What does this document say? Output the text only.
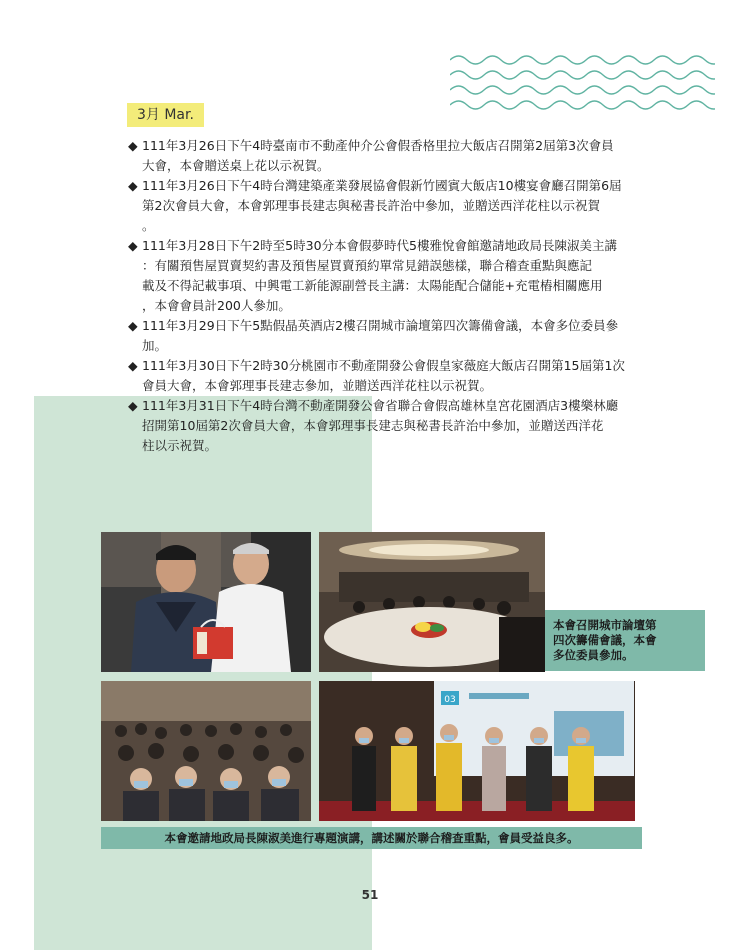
3月 Mar.
◆ 111年3月26日下午4時臺南市不動產仲介公會假香格里拉大飯店召開第2屆第3次會員
大會，本會贈送桌上花以示祝賀。
◆ 111年3月26日下午4時台灣建築產業發展協會假新竹國賓大飯店10樓宴會廳召開第6屆
第2次會員大會，本會郭理事長建志與秘書長許治中參加，並贈送西洋花柱以示祝賀
。
◆ 111年3月28日下午2時至5時30分本會假夢時代5樓雅悅會館邀請地政局長陳淑美主講
：有關預售屋買賣契約書及預售屋買賣預約單常見錯誤態樣，聯合稽查重點與應記
載及不得記載事項、中興電工新能源副營長主講：太陽能配合儲能+充電樁相關應用
，本會會員計200人參加。
◆ 111年3月29日下午5點假晶英酒店2樓召開城市論壇第四次籌備會議，本會多位委員參
加。
◆ 111年3月30日下午2時30分桃園市不動產開發公會假皇家薇庭大飯店召開第15屆第1次
會員大會，本會郭理事長建志參加，並贈送西洋花柱以示祝賀。
◆ 111年3月31日下午4時台灣不動產開發公會省聯合會假高雄林皇宮花園酒店3樓樂林廳
招開第10屆第2次會員大會，本會郭理事長建志與秘書長許治中參加，並贈送西洋花
柱以示祝賀。
03
本會召開城市論壇第
四次籌備會議，本會
多位委員參加。
本會邀請地政局長陳淑美進行專題演講，講述關於聯合稽查重點，會員受益良多。
51
